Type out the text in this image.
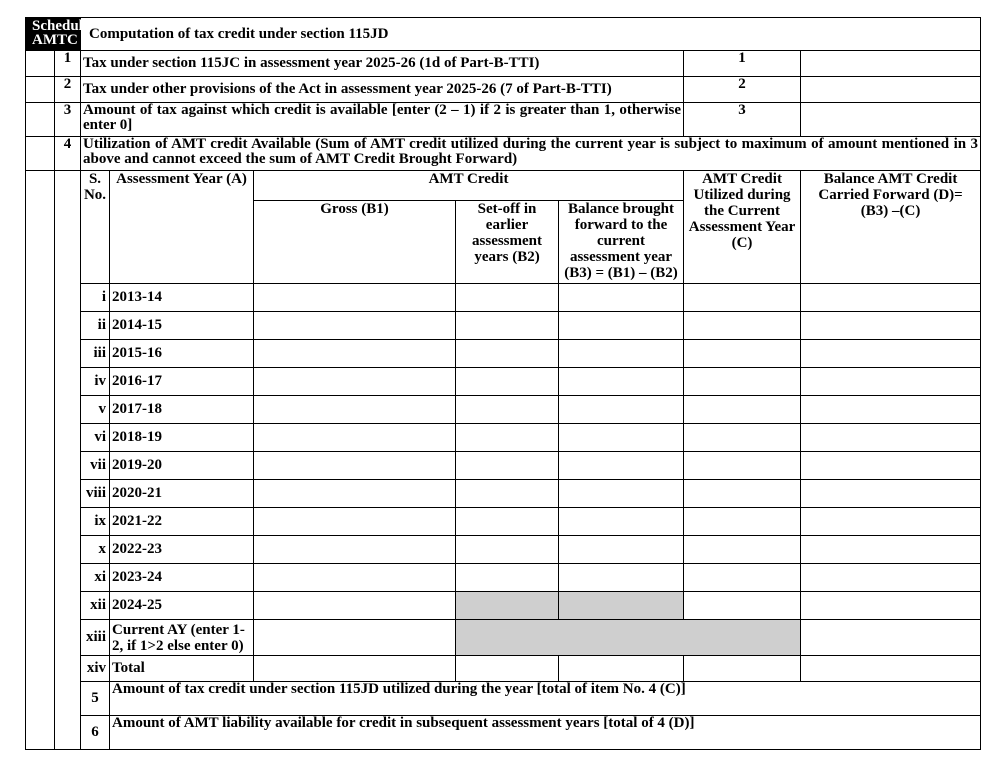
Schedule AMTC		Computation of tax credit under section 115JD							
	1	Tax under section 115JC in assessment year 2025-26 (1d of Part-B-TTI)					1		
	2	Tax under other provisions of the Act in assessment year 2025-26 (7 of Part-B-TTI)					2		
	3	Amount of tax against which credit is available [enter (2 – 1) if 2 is greater than 1, otherwise enter 0]					3		
	4	Utilization of AMT credit Available (Sum of AMT credit utilized during the current year is subject to maximum of amount mentioned in 3 above and cannot exceed the sum of AMT Credit Brought Forward)							
		S. No.	Assessment Year (A)	AMT Credit			AMT Credit Utilized during the Current Assessment Year (C)	Balance AMT Credit Carried Forward (D)= (B3) –(C)	
				Gross (B1)	Set-off in earlier assessment years (B2)	Balance brought forward to the current assessment year (B3) = (B1) – (B2)			
		i	2013-14						
		ii	2014-15						
		iii	2015-16						
		iv	2016-17						
		v	2017-18						
		vi	2018-19						
		vii	2019-20						
		viii	2020-21						
		ix	2021-22						
		x	2022-23						
		xi	2023-24						
		xii	2024-25						
		xiii	Current AY (enter 1-2, if 1>2 else enter 0)						
		xiv	Total						
		5	Amount of tax credit under section 115JD utilized during the year [total of item No. 4 (C)]		
		6	Amount of AMT liability available for credit in subsequent assessment years [total of 4 (D)]		
